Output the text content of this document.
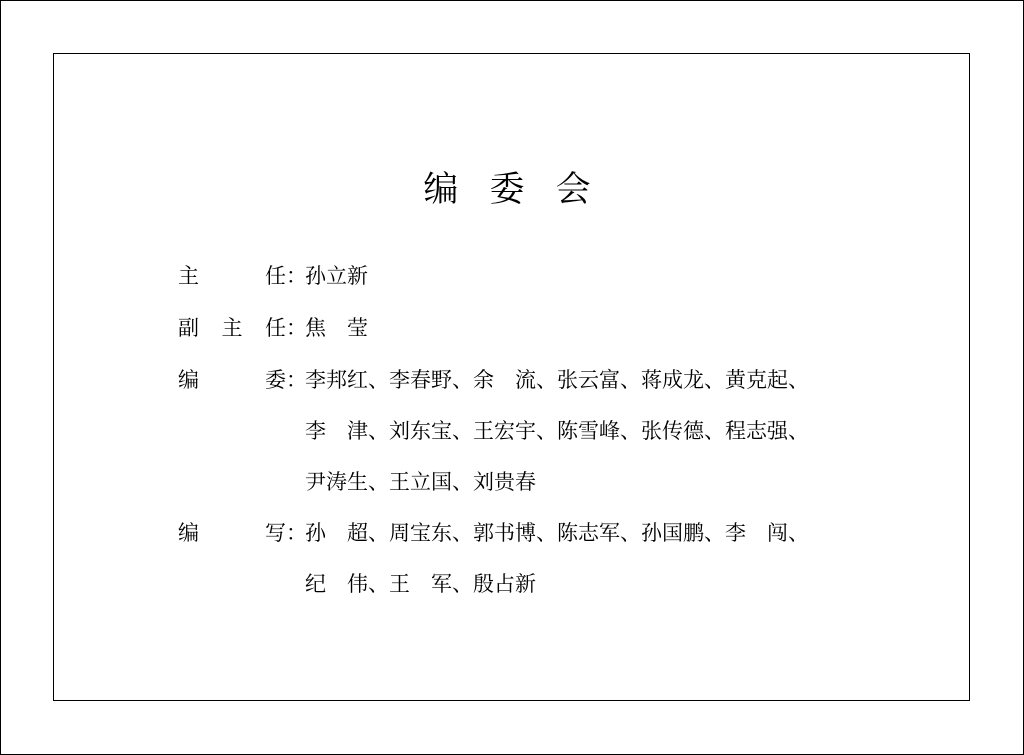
编 委 会
主任 ：
孙立新
副主任 ：
焦　莹
编委 ：
李邦红、李春野、余　流、张云富、蒋成龙、黄克起、
李　津、刘东宝、王宏宇、陈雪峰、张传德、程志强、
尹涛生、王立国、刘贵春
编写 ：
孙　超、周宝东、郭书博、陈志军、孙国鹏、李　闯、
纪　伟、王　军、殷占新
